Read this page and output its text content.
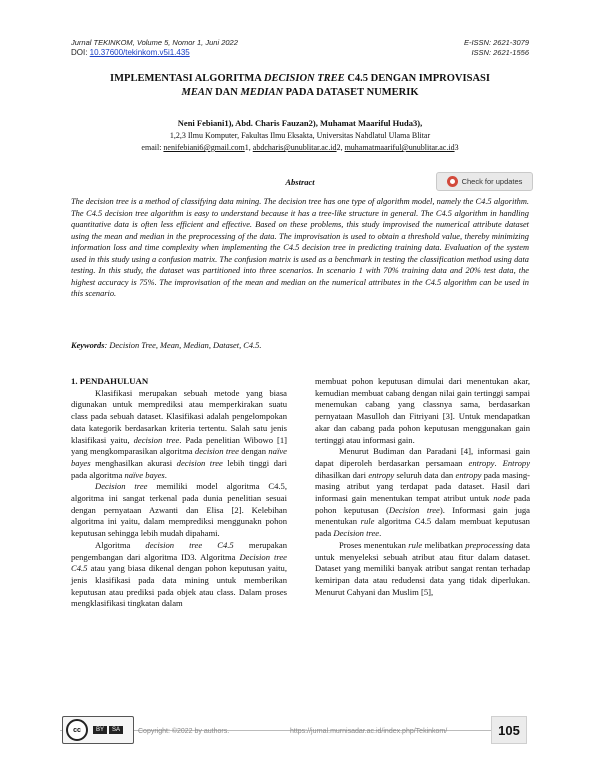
Jurnal TEKINKOM, Volume 5, Nomor 1, Juni 2022
DOI: 10.37600/tekinkom.v5i1.435
E-ISSN: 2621-3079
ISSN: 2621-1556
IMPLEMENTASI ALGORITMA DECISION TREE C4.5 DENGAN IMPROVISASI
MEAN DAN MEDIAN PADA DATASET NUMERIK
Neni Febiani1), Abd. Charis Fauzan2), Muhamat Maariful Huda3),
1,2,3 Ilmu Komputer, Fakultas Ilmu Eksakta, Universitas Nahdlatul Ulama Blitar
email: nenifebiani6@gmail.com1, abdcharis@unublitar.ac.id2, muhamatmaariful@unublitar.ac.id3
Abstract	Check for updates
The decision tree is a method of classifying data mining. The decision tree has one type of algorithm model, namely the C4.5 algorithm. The C4.5 decision tree algorithm is easy to understand because it has a tree-like structure in general. The C4.5 algorithm in handling quantitative data is often less efficient and effective. Based on these problems, this study improvised the numerical attribute dataset using the mean and median in the preprocessing of the data. The improvisation is used to obtain a threshold value, thereby minimizing information loss and time complexity when implementing the C4.5 decision tree in predicting training data. Evaluation of the system used in this study using a confusion matrix. The confusion matrix is used as a benchmark in testing the classification method using data testing. In this study, the dataset was partitioned into three scenarios. In scenario 1 with 70% training data and 20% test data, the highest accuracy is 75%. The improvisation of the mean and median on the numerical attributes in the C4.5 algorithm can be used in this scenario.
Keywords: Decision Tree, Mean, Median, Dataset, C4.5.

1. PENDAHULUAN

Klasifikasi merupakan sebuah metode yang biasa digunakan untuk memprediksi atau memperkirakan suatu class pada sebuah dataset. Klasifikasi adalah pengelompokan data kategorik berdasarkan kriteria tertentu. Salah satu jenis klasifikasi yaitu, decision tree. Pada penelitian Wibowo [1] yang mengkomparasikan algoritma decision tree dengan naïve bayes menghasilkan akurasi decision tree lebih tinggi dari pada algoritma naïve bayes.

Decision tree memiliki model algoritma C4.5, algoritma ini sangat terkenal pada dunia penelitian sesuai dengan pernyataan Azwanti dan Elisa [2]. Kelebihan algoritma ini yaitu, dalam memprediksi menggunakn pohon keputusan sehingga lebih mudah dipahami.

Algoritma decision tree C4.5 merupakan pengembangan dari algoritma ID3. Algoritma Decision tree C4.5 atau yang biasa dikenal dengan pohon keputusan yaitu, jenis klasifikasi pada data mining untuk memberikan keputusan atau prediksi pada objek atau class. Dalam proses mengklasifikasi tingkatan dalam

membuat pohon keputusan dimulai dari menentukan akar, kemudian membuat cabang dengan nilai gain tertinggi sampai menemukan cabang yang classnya sama, berdasarkan pernyataan Masulloh dan Fitriyani [3]. Untuk mendapatkan akar dan cabang pada pohon keputusan menggunakan gain tertinggi atau informasi gain.

Menurut Budiman dan Paradani [4], informasi gain dapat diperoleh berdasarkan persamaan entropy. Entropy dihasilkan dari entropy seluruh data dan entropy pada masing-masing atribut yang terdapat pada dataset. Hasil dari informasi gain menentukan tempat atribut untuk node pada pohon keputusan (Decision tree). Informasi gain juga menentukan rule algoritma C4.5 dalam membuat keputusan pada Decision tree.

Proses menentukan rule melibatkan preprocessing data untuk menyeleksi sebuah atribut atau fitur dalam dataset. Dataset yang memiliki banyak atribut sangat rentan terhadap kemiripan data atau redudensi data yang tidak diperlukan. Menurut Cahyani dan Muslim [5],

cc	BY	SA	Copyright: ©2022 by authors.	https://jurnal.murnisadar.ac.id/index.php/Tekinkom/	105
